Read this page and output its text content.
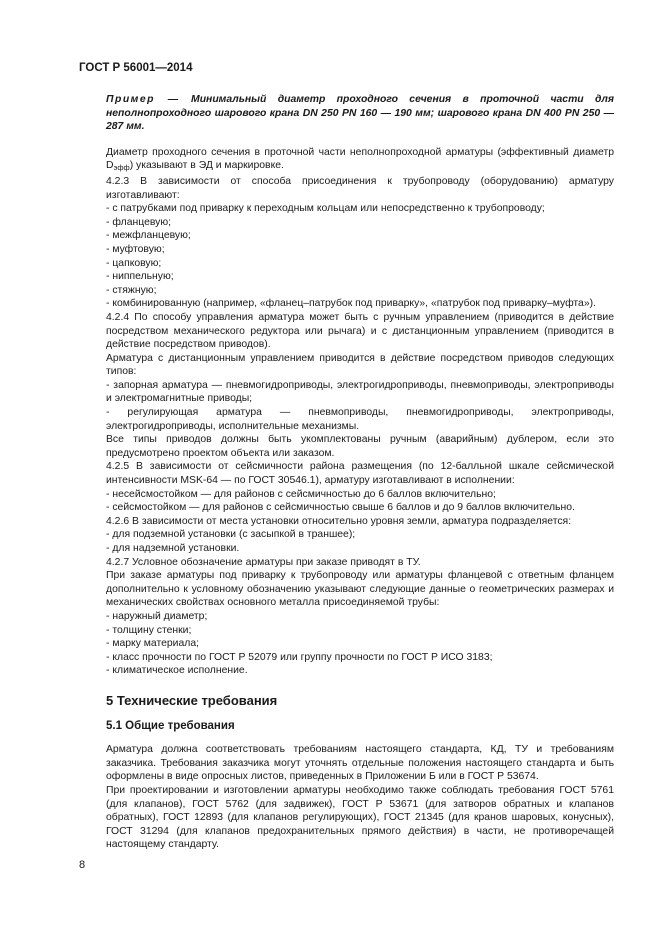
ГОСТ Р 56001—2014

Пример — Минимальный диаметр проходного сечения в проточной части для неполнопроходного шарового крана DN 250 PN 160 — 190 мм; шарового крана DN 400 PN 250 — 287 мм.

Диаметр проходного сечения в проточной части неполнопроходной арматуры (эффективный диаметр $D_{эфф}$) указывают в ЭД и маркировке.

4.2.3 В зависимости от способа присоединения к трубопроводу (оборудованию) арматуру изготавливают:

- с патрубками под приварку к переходным кольцам или непосредственно к трубопроводу;

- фланцевую;

- межфланцевую;

- муфтовую;

- цапковую;

- ниппельную;

- стяжную;

- комбинированную (например, «фланец–патрубок под приварку», «патрубок под приварку–муфта»).

4.2.4 По способу управления арматура может быть с ручным управлением (приводится в действие посредством механического редуктора или рычага) и с дистанционным управлением (приводится в действие посредством приводов).

Арматура с дистанционным управлением приводится в действие посредством приводов следующих типов:

- запорная арматура — пневмогидроприводы, электрогидроприводы, пневмоприводы, электроприводы и электромагнитные приводы;

- регулирующая арматура — пневмоприводы, пневмогидроприводы, электроприводы, электрогидроприводы, исполнительные механизмы.

Все типы приводов должны быть укомплектованы ручным (аварийным) дублером, если это предусмотрено проектом объекта или заказом.

4.2.5 В зависимости от сейсмичности района размещения (по 12-балльной шкале сейсмической интенсивности MSK-64 — по ГОСТ 30546.1), арматуру изготавливают в исполнении:

- несейсмостойком — для районов с сейсмичностью до 6 баллов включительно;

- сейсмостойком — для районов с сейсмичностью свыше 6 баллов и до 9 баллов включительно.

4.2.6 В зависимости от места установки относительно уровня земли, арматура подразделяется:

- для подземной установки (с засыпкой в траншее);

- для надземной установки.

4.2.7 Условное обозначение арматуры при заказе приводят в ТУ.

При заказе арматуры под приварку к трубопроводу или арматуры фланцевой с ответным фланцем дополнительно к условному обозначению указывают следующие данные о геометрических размерах и механических свойствах основного металла присоединяемой трубы:

- наружный диаметр;

- толщину стенки;

- марку материала;

- класс прочности по ГОСТ Р 52079 или группу прочности по ГОСТ Р ИСО 3183;

- климатическое исполнение.

5 Технические требования
5.1 Общие требования

Арматура должна соответствовать требованиям настоящего стандарта, КД, ТУ и требованиям заказчика. Требования заказчика могут уточнять отдельные положения настоящего стандарта и быть оформлены в виде опросных листов, приведенных в Приложении Б или в ГОСТ Р 53674.

При проектировании и изготовлении арматуры необходимо также соблюдать требования ГОСТ 5761 (для клапанов), ГОСТ 5762 (для задвижек), ГОСТ Р 53671 (для затворов обратных и клапанов обратных), ГОСТ 12893 (для клапанов регулирующих), ГОСТ 21345 (для кранов шаровых, конусных), ГОСТ 31294 (для клапанов предохранительных прямого действия) в части, не противоречащей настоящему стандарту.

8
